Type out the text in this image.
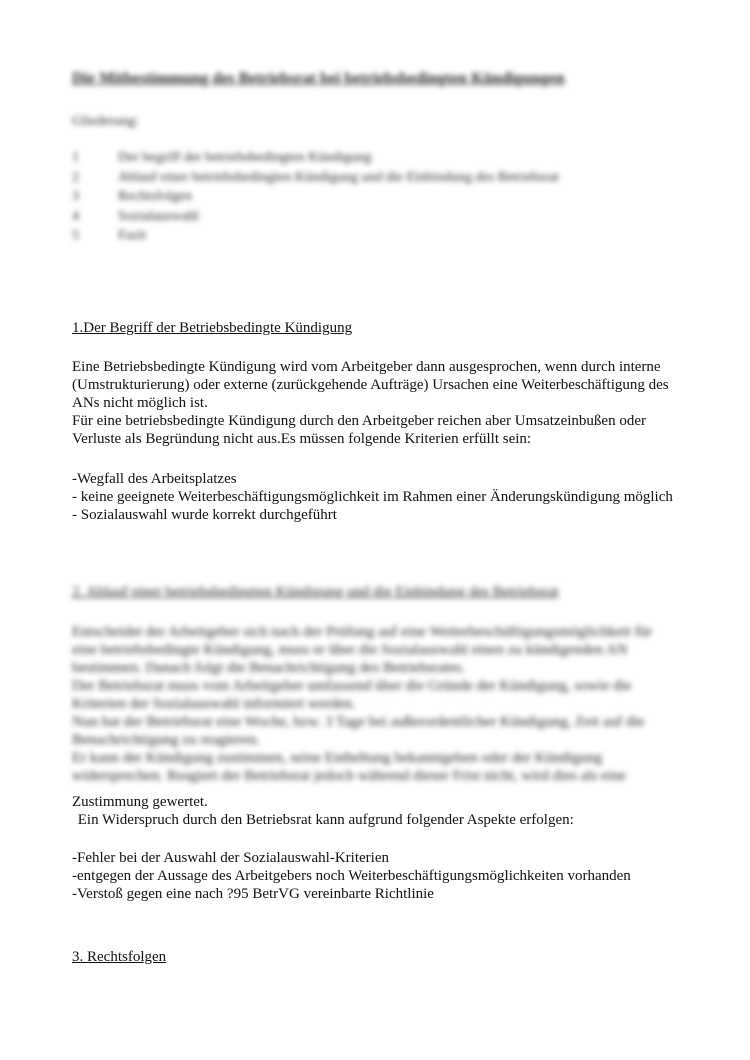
Die Mitbestimmung des Betriebsrat bei betriebsbedingten Kündigungen
Gliederung:
1	Der begriff der betriebsbedingten Kündigung
2	Ablauf einer betriebsbedingten Kündigung und die Einbindung des Betriebsrat
3	Rechtsfolgen
4	Sozialauswahl
5	Fazit
1.Der Begriff der Betriebsbedingte Kündigung
Eine Betriebsbedingte Kündigung wird vom Arbeitgeber dann ausgesprochen, wenn durch interne
(Umstrukturierung) oder externe (zurückgehende Aufträge) Ursachen eine Weiterbeschäftigung des
ANs nicht möglich ist.
Für eine betriebsbedingte Kündigung durch den Arbeitgeber reichen aber Umsatzeinbußen oder
Verluste als Begründung nicht aus.Es müssen folgende Kriterien erfüllt sein:
-Wegfall des Arbeitsplatzes
- keine geeignete Weiterbeschäftigungsmöglichkeit im Rahmen einer Änderungskündigung möglich
- Sozialauswahl wurde korrekt durchgeführt
2. Ablauf einer betriebsbedingten Kündigung und die Einbindung des Betriebsrat
Entscheidet der Arbeitgeber sich nach der Prüfung auf eine Weiterbeschäftigungsmöglichkeit für
eine betriebsbedingte Kündigung, muss er über die Sozialauswahl einen zu kündigenden AN
bestimmen. Danach folgt die Benachrichtigung des Betriebsrates.
Der Betriebsrat muss vom Arbeitgeber umfassend über die Gründe der Kündigung, sowie die
Kriterien der Sozialauswahl informiert werden.
Nun hat der Betriebsrat eine Woche, bzw. 3 Tage bei außerordentlicher Kündigung, Zeit auf die
Benachrichtigung zu reagieren.
Er kann der Kündigung zustimmen, seine Entheltung bekanntgeben oder der Kündigung
widersprechen. Reagiert der Betriebsrat jedoch während dieser Frist nicht, wird dies als eine
Zustimmung gewertet.
Ein Widerspruch durch den Betriebsrat kann aufgrund folgender Aspekte erfolgen:
-Fehler bei der Auswahl der Sozialauswahl-Kriterien
-entgegen der Aussage des Arbeitgebers noch Weiterbeschäftigungsmöglichkeiten vorhanden
-Verstoß gegen eine nach ?95 BetrVG vereinbarte Richtlinie
3. Rechtsfolgen
